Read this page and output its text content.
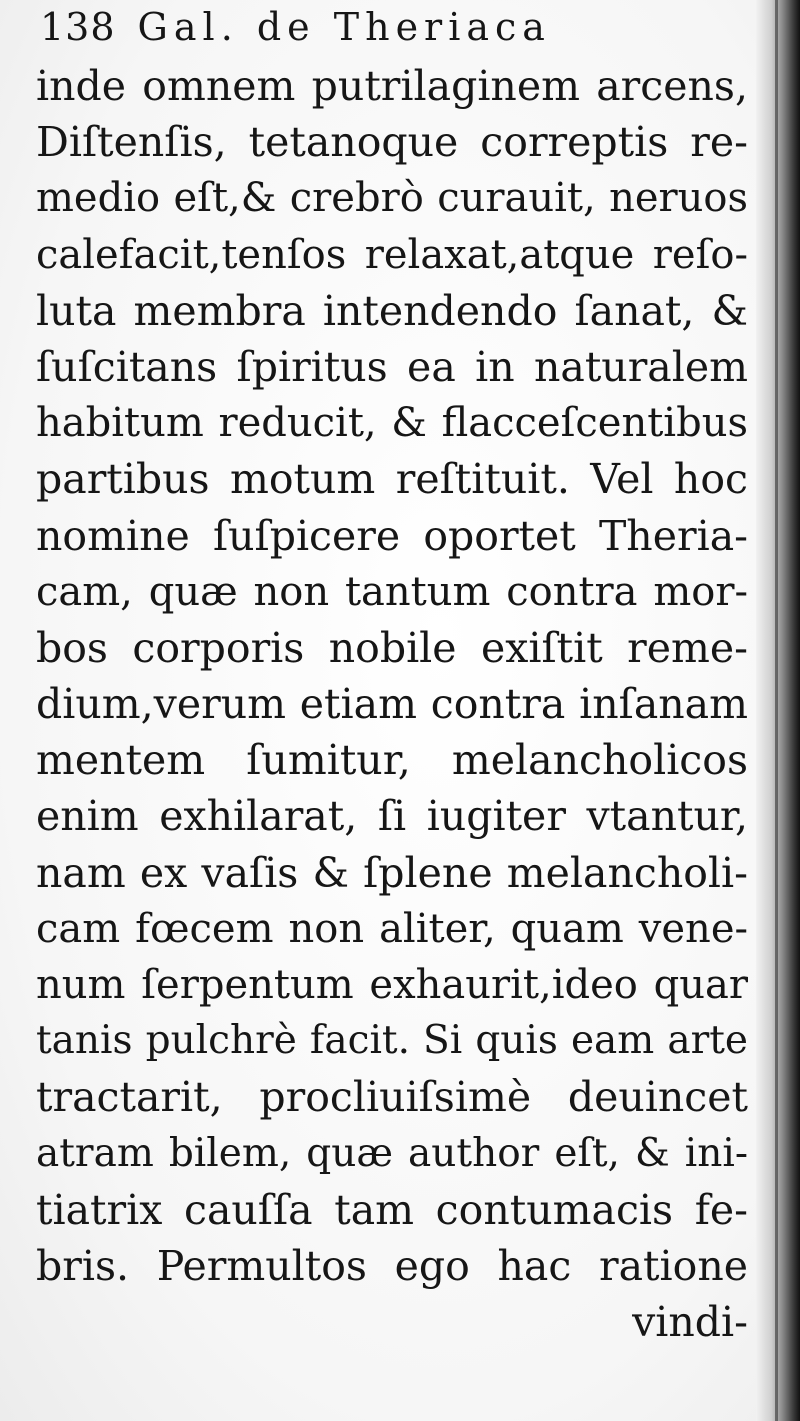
138 Gal. de Theriaca
inde omnem putrilaginem arcens,
Diſtenſis, tetanoque correptis re-
medio eſt,& crebrò curauit, neruos
calefacit,tenſos relaxat,atque reſo-
luta membra intendendo ſanat, &
ſuſcitans ſpiritus ea in naturalem
habitum reducit, & flacceſcentibus
partibus motum reſtituit. Vel hoc
nomine ſuſpicere oportet Theria-
cam, quæ non tantum contra mor-
bos corporis nobile exiſtit reme-
dium,verum etiam contra inſanam
mentem ſumitur, melancholicos
enim exhilarat, ſi iugiter vtantur,
nam ex vaſis & ſplene melancholi-
cam fœcem non aliter, quam vene-
num ſerpentum exhaurit,ideo quar
tanis pulchrè facit. Si quis eam arte
tractarit, procliuiſsimè deuincet
atram bilem, quæ author eſt, & ini-
tiatrix cauſſa tam contumacis fe-
bris. Permultos ego hac ratione
vindi-
